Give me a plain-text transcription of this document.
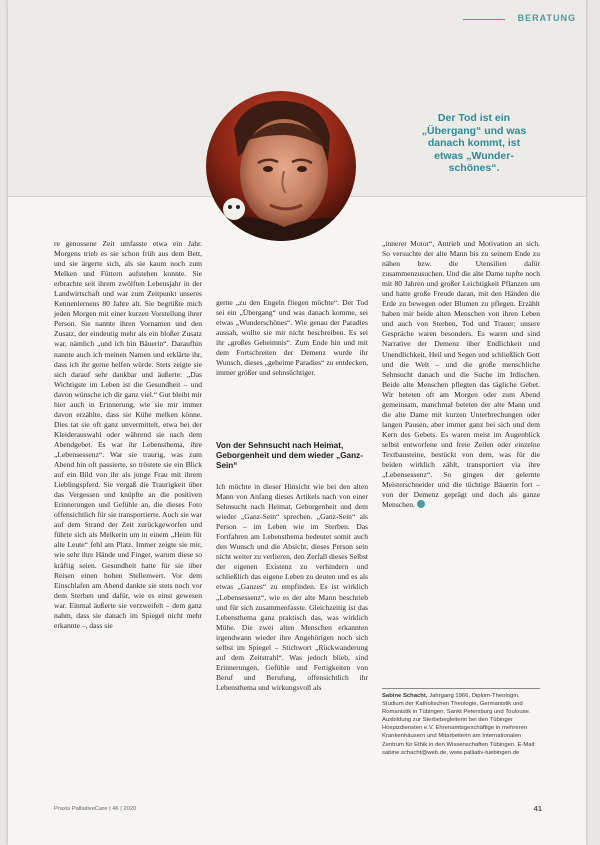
BERATUNG
Der Tod ist ein „Übergang“ und was danach kommt, ist etwas „Wunder-schönes“.

re genossene Zeit umfasste etwa ein Jahr. Morgens trieb es sie schon früh aus dem Bett, und sie ärgerte sich, als sie kaum noch zum Melken und Füttern aufstehen konnte. Sie erbrachte seit ihrem zwölften Lebensjahr in der Landwirtschaft und war zum Zeitpunkt unseres Kennenlernens 80 Jahre alt. Sie begrüßte mich jeden Morgen mit einer kurzen Vorstellung ihrer Person. Sie nannte ihren Vornamen und den Zusatz, der eindeutig mehr als ein bloßer Zusatz war, nämlich „und ich bin Bäuerin“. Daraufhin nannte auch ich meinen Namen und erklärte ihr, dass ich ihr gerne helfen würde. Stets zeigte sie sich darauf sehr dankbar und äußerte: „Das Wichtigste im Leben ist die Gesundheit – und davon wünsche ich dir ganz viel.“ Gut bleibt mir hier auch in Erinnerung, wie sie mir immer davon erzählte, dass sie Kühe melken könne. Dies tat sie oft ganz unvermittelt, etwa bei der Kleiderauswahl oder während sie nach dem Abendgebet. Es war ihr Lebensthema, ihre „Lebensessenz“. War sie traurig, was zum Abend hin oft passierte, so tröstete sie ein Blick auf ein Bild von ihr als junge Frau mit ihrem Lieblingspferd. Sie vergaß die Traurigkeit über das Vergessen und knüpfte an die positiven Erinnerungen und Gefühle an, die dieses Foto offensichtlich für sie transportierte. Auch sie war auf dem Strand der Zeit zurückgeworfen und führte sich als Melkerin um in einem „Heim für alte Leute“ fehl am Platz. Immer zeigte sie mir, wie sehr ihre Hände und Finger, warum diese so kräftig seien. Gesundheit hatte für sie über Reisen einen hohen Stellenwert. Vor dem Einschlafen am Abend dankte sie stets noch vor dem Sterben und dafür, wie es einst gewesen war. Einmal äußerte sie verzweifelt – dem ganz nahm, dass sie danach im Spiegel nicht mehr erkannte –, dass sie

gerne „zu den Engeln fliegen möchte“. Der Tod sei ein „Übergang“ und was danach komme, sei etwas „Wunderschönes“. Wie genau der Paradies aussah, wollte sie mir nicht beschreiben. Es sei ihr „großes Geheimnis“. Zum Ende hin und mit dem Fortschreiten der Demenz wurde ihr Wunsch, dieses „geheime Paradies“ zu entdecken, immer größer und sehnsüchtiger.

Von der Sehnsucht nach Heimat, Geborgenheit und dem wieder „Ganz-Sein“

Ich möchte in dieser Hinsicht wie bei den alten Mann von Anfang dieses Artikels nach von einer Sehnsucht nach Heimat, Geborgenheit und dem wieder „Ganz-Sein“ sprechen. „Ganz-Sein“ als Person – im Leben wie im Sterben. Das Fortfahren am Lebensthema bedeutet somit auch den Wunsch und die Absicht, dieses Person sein nicht weiter zu verlieren, den Zerfall dieses Selbst der eigenen Existenz zu verhindern und schließlich das eigene Leben zu deuten und es als etwas „Ganzes“ zu empfinden. Es ist wirklich „Lebensessenz“, wie es der alte Mann beschrieb und für sich zusammenfasste. Gleichzeitig ist das Lebensthema ganz praktisch das, was wirklich Mühe. Die zwei alten Menschen erkannten irgendwann wieder ihre Angehörigen noch sich selbst im Spiegel – Stichwort „Rückwanderung auf dem Zeitstrahl“. Was jedoch blieb, sind Erinnerungen, Gefühle und Fertigkeiten von Beruf und Berufung, offensichtlich ihr Lebensthema und wirkungsvoll als

„innerer Motor“, Antrieb und Motivation an sich. So versuchte der alte Mann bis zu seinem Ende zu nähen bzw. die Utensilien dafür zusammenzusuchen. Und die alte Dame tupfte noch mit 80 Jahren und großer Leichtigkeit Pflanzen um und hatte große Freude daran, mit den Händen die Erde zu bewegen oder Blumen zu pflegen. Erzählt haben mir beide alten Menschen von ihren Leben und auch von Sterben, Tod und Trauer; unsere Gespräche waren besonders. Es waren und sind Narrative der Demenz über Endlichkeit und Unendlichkeit, Heil und Segen und schließlich Gott und die Welt – und die große menschliche Sehnsucht danach und die Suche im Irdischen. Beide alte Menschen pflegten das tägliche Gebet. Wir beteten oft am Morgen oder zum Abend gemeinsam, manchmal beteten der alte Mann und die alte Dame mit kurzen Unterbrechungen oder langen Pausen, aber immer ganz bei sich und dem Kern des Gebets. Es waren meist im Augenblick selbst entworfene und freie Zeilen oder einzelne Textbausteine, bestückt von dem, was für die beiden wirklich zählt, transportiert via ihre „Lebensessenz“. So gingen der gelernte Meisterschneider und die tüchtige Bäuerin fort – von der Demenz geprägt und doch als ganze Menschen.

Sabine Schacht, Jahrgang 1966, Diplom-Theologin, Studium der Katholischen Theologie, Germanistik und Romanistik in Tübingen, Sankt Petersburg und Toulouse. Ausbildung zur Sterbebegleiterin bei den Tübinger Hospizdiensten e.V. Ehrenamtsgeschäftige in mehreren Krankenhäusern und Mitarbeiterin am Internationalen Zentrum für Ethik in den Wissenschaften Tübingen. E-Mail: sabine.schacht@web.de, www.palliativ-tuebingen.de
Praxis PalliativeCare | 46 | 2020	41
